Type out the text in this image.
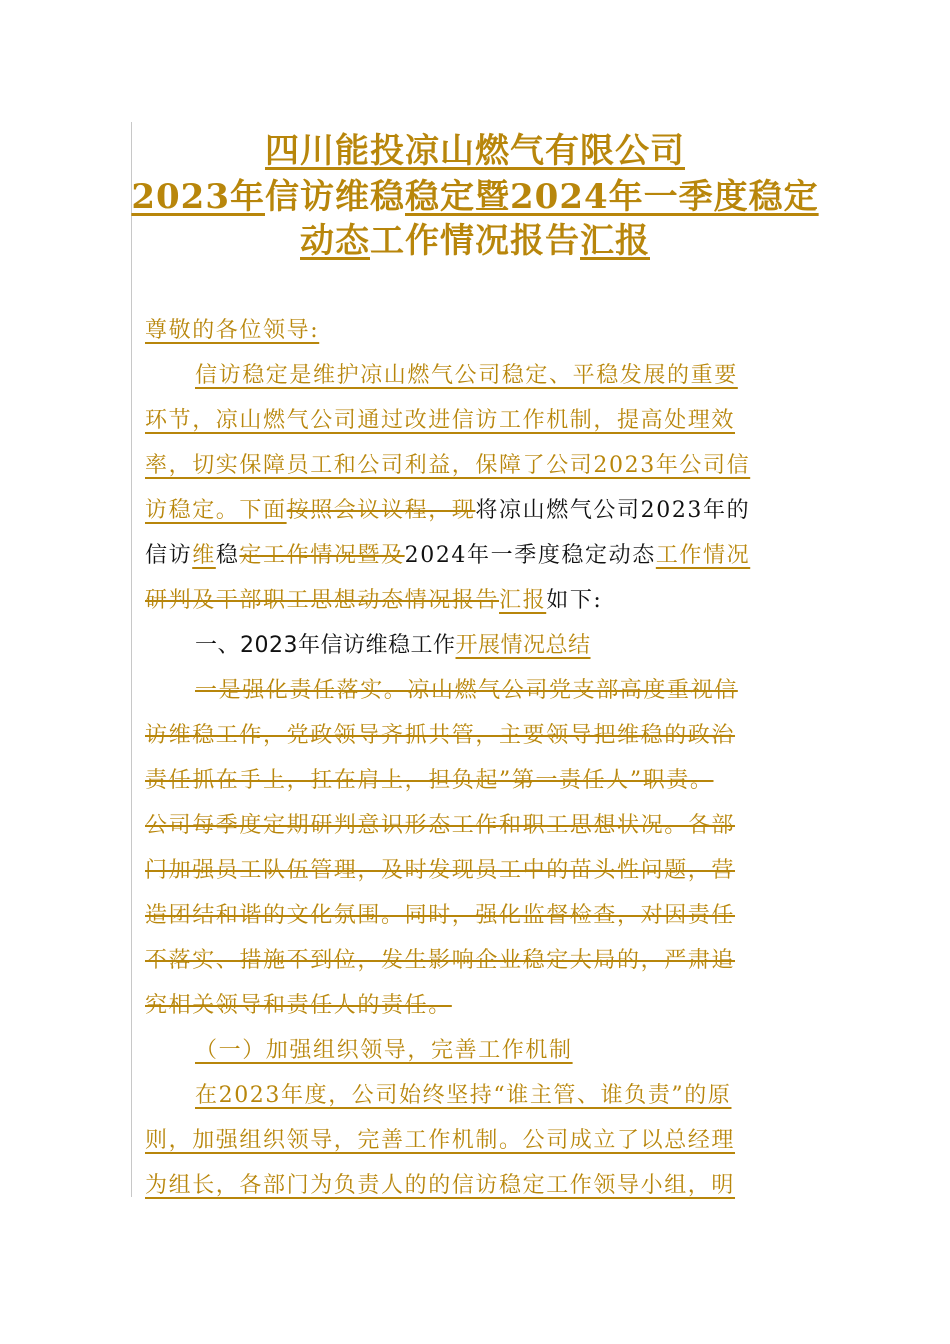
四川能投凉山燃气有限公司
2023年信访维稳稳定暨2024年一季度稳定
动态工作情况报告汇报
尊敬的各位领导:
信访稳定是维护凉山燃气公司稳定、平稳发展的重要
环节，凉山燃气公司通过改进信访工作机制，提高处理效
率，切实保障员工和公司利益，保障了公司2023年公司信
访稳定。下面按照会议议程，现将凉山燃气公司2023年的
信访维稳定工作情况暨及2024年一季度稳定动态工作情况
研判及干部职工思想动态情况报告汇报如下:
一、2023年信访维稳工作开展情况总结
一是强化责任落实。凉山燃气公司党支部高度重视信
访维稳工作，党政领导齐抓共管，主要领导把维稳的政治
责任抓在手上，扛在肩上，担负起”第一责任人”职责。
公司每季度定期研判意识形态工作和职工思想状况。各部
门加强员工队伍管理，及时发现员工中的苗头性问题，营
造团结和谐的文化氛围。同时，强化监督检查，对因责任
不落实、措施不到位，发生影响企业稳定大局的，严肃追
究相关领导和责任人的责任。
（一）加强组织领导，完善工作机制
在2023年度，公司始终坚持“谁主管、谁负责”的原
则，加强组织领导，完善工作机制。公司成立了以总经理
为组长，各部门为负责人的的信访稳定工作领导小组，明
